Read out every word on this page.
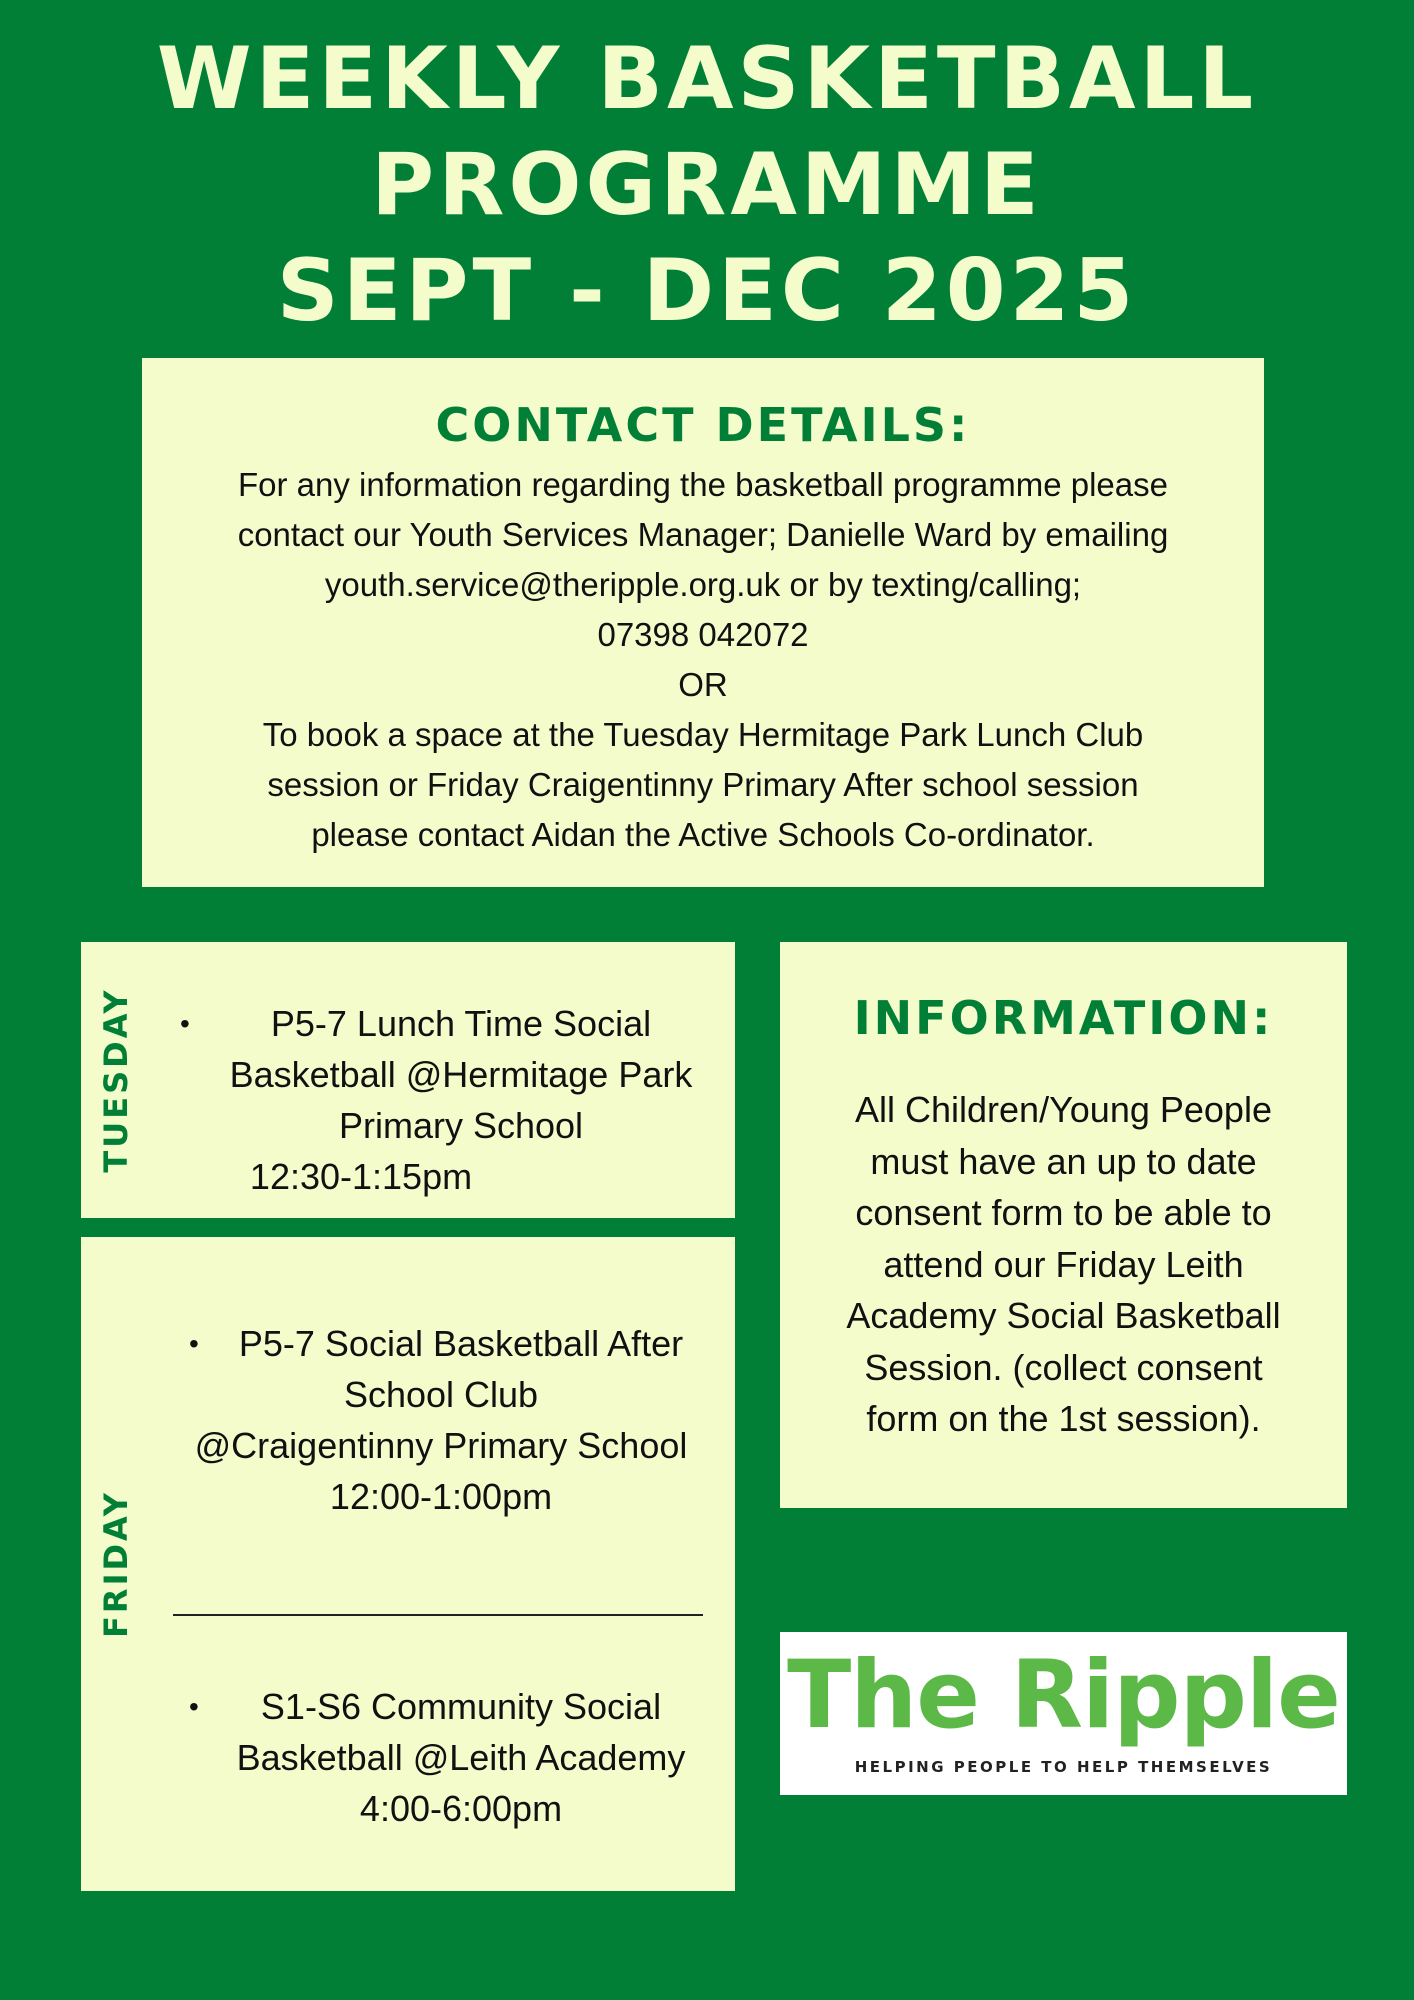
WEEKLY BASKETBALL
PROGRAMME
SEPT - DEC 2025
CONTACT DETAILS:
For any information regarding the basketball programme please
contact our Youth Services Manager; Danielle Ward by emailing
youth.service@theripple.org.uk or by texting/calling;
07398 042072
OR
To book a space at the Tuesday Hermitage Park Lunch Club
session or Friday Craigentinny Primary After school session
please contact Aidan the Active Schools Co-ordinator.
TUESDAY •	P5-7 Lunch Time Social
Basketball @Hermitage Park
Primary School
12:30-1:15pm
FRIDAY
•	P5-7 Social Basketball After
School Club
@Craigentinny Primary School
12:00-1:00pm
•	S1-S6 Community Social
Basketball @Leith Academy
4:00-6:00pm
INFORMATION:
All Children/Young People
must have an up to date
consent form to be able to
attend our Friday Leith
Academy Social Basketball
Session. (collect consent
form on the 1st session).
The Ripple
HELPING PEOPLE TO HELP THEMSELVES
